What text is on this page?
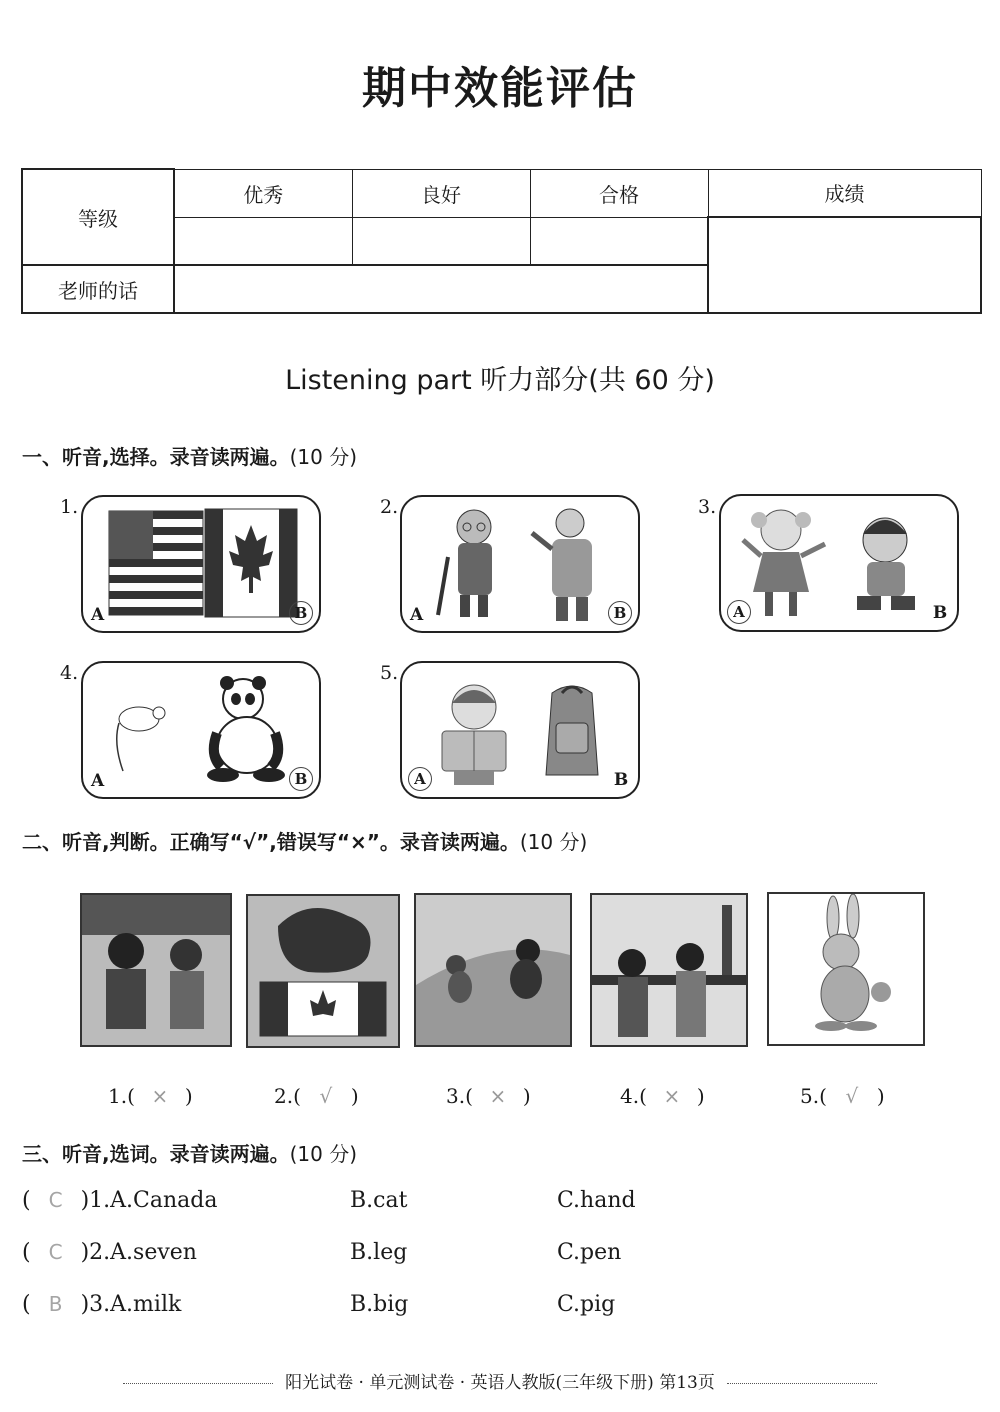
期中效能评估
等级	优秀	良好	合格	成绩

老师的话				
Listening part 听力部分(共 60 分)
一、听音,选择。录音读两遍。(10 分)
1.
A	B
2.
A	B
3.
A	B
4.
A	B
5.
A	B
二、听音,判断。正确写“√”,错误写“×”。录音读两遍。(10 分)
1.( × )	2.( √ )	3.( × )	4.( × )	5.( √ )
三、听音,选词。录音读两遍。(10 分)
( C )1.A.Canada	B.cat	C.hand
( C )2.A.seven	B.leg	C.pen
( B )3.A.milk	B.big	C.pig
阳光试卷 · 单元测试卷 · 英语人教版(三年级下册) 第13页
